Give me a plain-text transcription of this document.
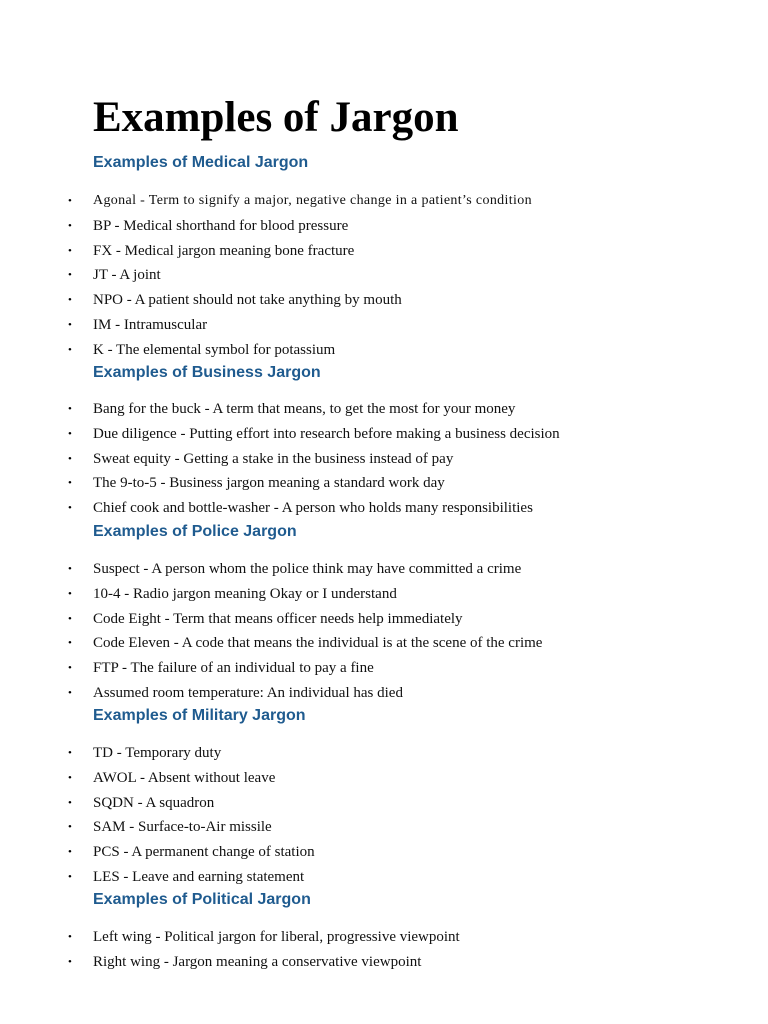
Examples of Jargon
Examples of Medical Jargon
• Agonal - Term to signify a major, negative change in a patient’s condition
• BP - Medical shorthand for blood pressure
• FX - Medical jargon meaning bone fracture
• JT - A joint
• NPO - A patient should not take anything by mouth
• IM - Intramuscular
• K - The elemental symbol for potassium
Examples of Business Jargon
• Bang for the buck - A term that means, to get the most for your money
• Due diligence - Putting effort into research before making a business decision
• Sweat equity - Getting a stake in the business instead of pay
• The 9-to-5 - Business jargon meaning a standard work day
• Chief cook and bottle-washer - A person who holds many responsibilities
Examples of Police Jargon
• Suspect - A person whom the police think may have committed a crime
• 10-4 - Radio jargon meaning Okay or I understand
• Code Eight - Term that means officer needs help immediately
• Code Eleven - A code that means the individual is at the scene of the crime
• FTP - The failure of an individual to pay a fine
• Assumed room temperature: An individual has died
Examples of Military Jargon
• TD - Temporary duty
• AWOL - Absent without leave
• SQDN - A squadron
• SAM - Surface-to-Air missile
• PCS - A permanent change of station
• LES - Leave and earning statement
Examples of Political Jargon
• Left wing - Political jargon for liberal, progressive viewpoint
• Right wing - Jargon meaning a conservative viewpoint
